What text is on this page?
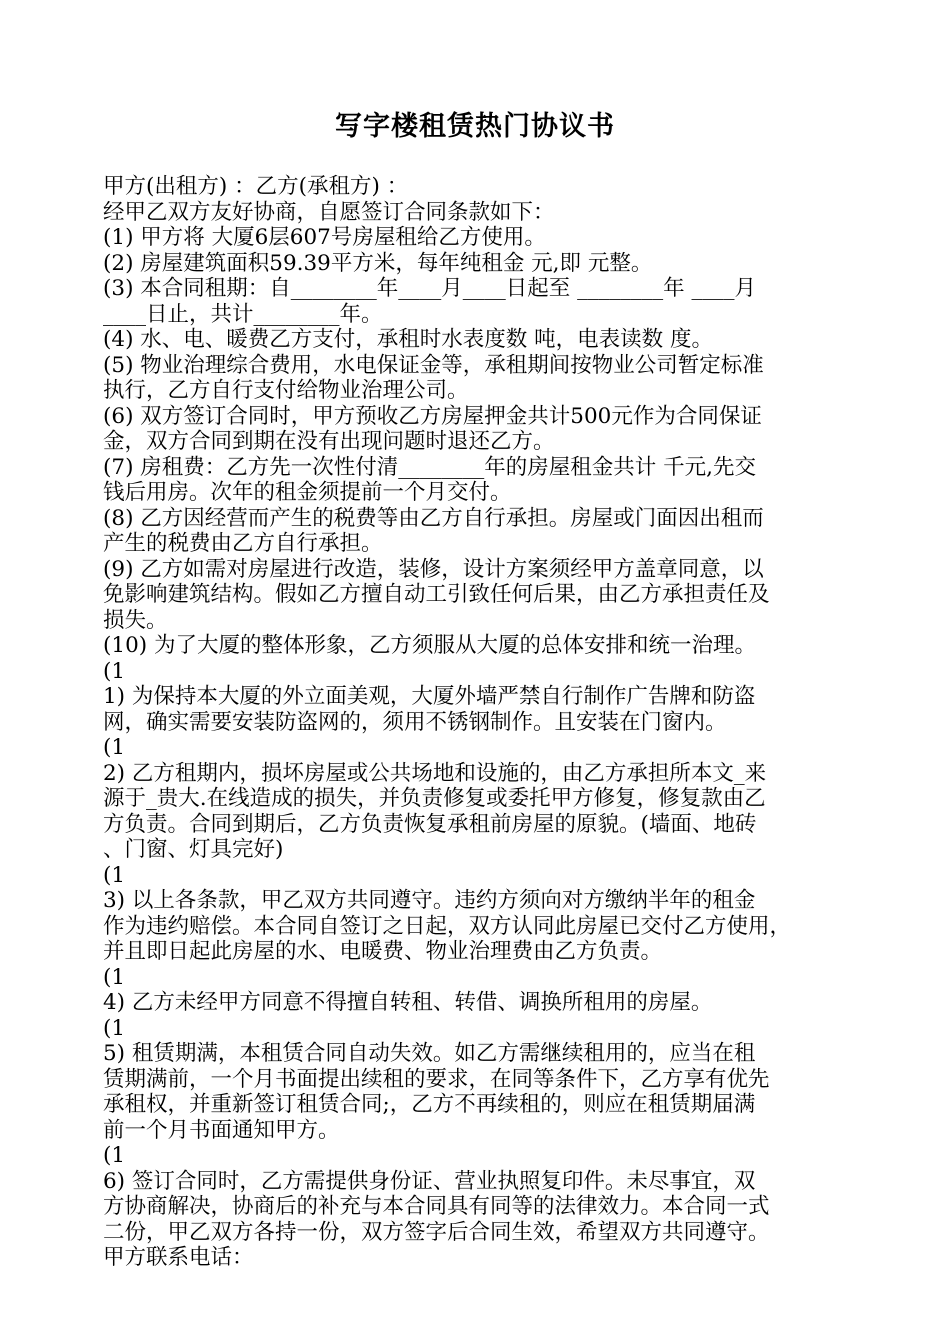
写字楼租赁热门协议书
甲方(出租方) ：乙方(承租方) ：
经甲乙双方友好协商，自愿签订合同条款如下：
(1) 甲方将 大厦6层607号房屋租给乙方使用。
(2) 房屋建筑面积59.39平方米，每年纯租金 元,即 元整。
(3) 本合同租期：自________年____月____日起至 ________年 ____月
____日止，共计________年。
(4) 水、电、暖费乙方支付，承租时水表度数 吨，电表读数 度。
(5) 物业治理综合费用，水电保证金等，承租期间按物业公司暂定标准
执行，乙方自行支付给物业治理公司。
(6) 双方签订合同时，甲方预收乙方房屋押金共计500元作为合同保证
金，双方合同到期在没有出现问题时退还乙方。
(7) 房租费：乙方先一次性付清________年的房屋租金共计 千元,先交
钱后用房。次年的租金须提前一个月交付。
(8) 乙方因经营而产生的税费等由乙方自行承担。房屋或门面因出租而
产生的税费由乙方自行承担。
(9) 乙方如需对房屋进行改造，装修，设计方案须经甲方盖章同意，以
免影响建筑结构。假如乙方擅自动工引致任何后果，由乙方承担责任及
损失。
(10) 为了大厦的整体形象，乙方须服从大厦的总体安排和统一治理。
(1
1) 为保持本大厦的外立面美观，大厦外墙严禁自行制作广告牌和防盗
网，确实需要安装防盗网的，须用不锈钢制作。且安装在门窗内。
(1
2) 乙方租期内，损坏房屋或公共场地和设施的，由乙方承担所本文_来
源于_贵大.在线造成的损失，并负责修复或委托甲方修复，修复款由乙
方负责。合同到期后，乙方负责恢复承租前房屋的原貌。(墙面、地砖
、门窗、灯具完好)
(1
3) 以上各条款，甲乙双方共同遵守。违约方须向对方缴纳半年的租金
作为违约赔偿。本合同自签订之日起，双方认同此房屋已交付乙方使用，
并且即日起此房屋的水、电暖费、物业治理费由乙方负责。
(1
4) 乙方未经甲方同意不得擅自转租、转借、调换所租用的房屋。
(1
5) 租赁期满，本租赁合同自动失效。如乙方需继续租用的，应当在租
赁期满前，一个月书面提出续租的要求，在同等条件下，乙方享有优先
承租权，并重新签订租赁合同;，乙方不再续租的，则应在租赁期届满
前一个月书面通知甲方。
(1
6) 签订合同时，乙方需提供身份证、营业执照复印件。未尽事宜，双
方协商解决，协商后的补充与本合同具有同等的法律效力。本合同一式
二份，甲乙双方各持一份，双方签字后合同生效，希望双方共同遵守。
甲方联系电话：
